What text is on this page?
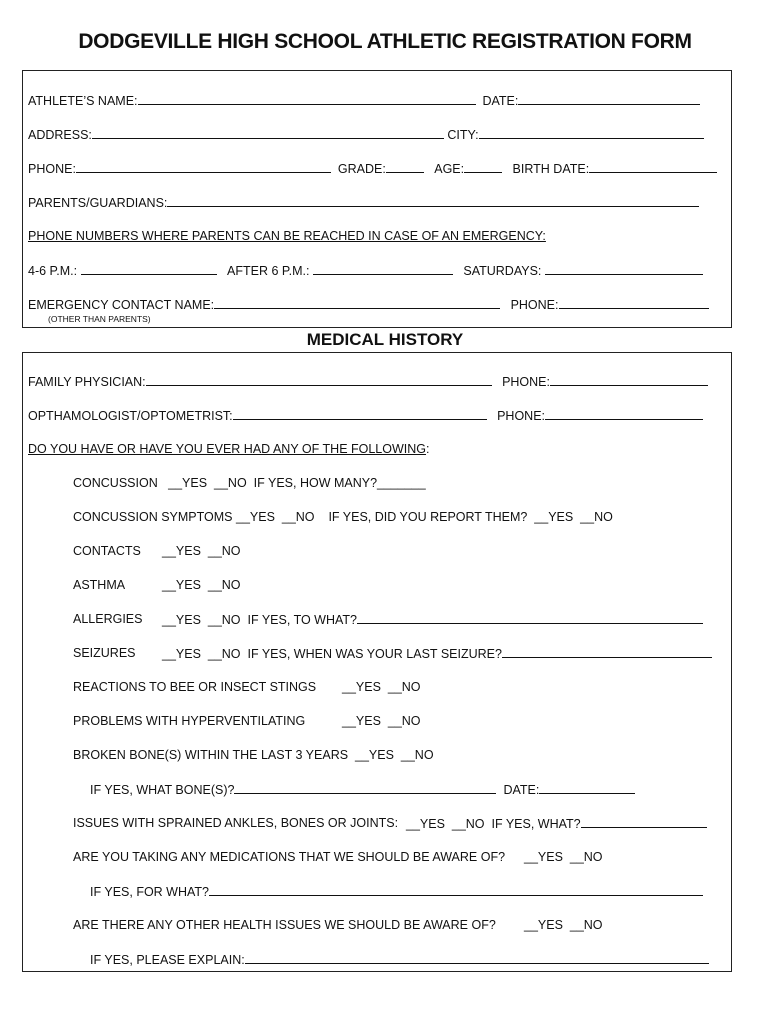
DODGEVILLE HIGH SCHOOL ATHLETIC REGISTRATION FORM
ATHLETE’S NAME:	DATE:
ADDRESS:	CITY:
PHONE:	GRADE:	AGE:	BIRTH DATE:
PARENTS/GUARDIANS:
PHONE NUMBERS WHERE PARENTS CAN BE REACHED IN CASE OF AN EMERGENCY:
4-6 P.M.:	AFTER 6 P.M.:	SATURDAYS:
EMERGENCY CONTACT NAME:	PHONE:
(OTHER THAN PARENTS)
MEDICAL HISTORY
FAMILY PHYSICIAN:	PHONE:
OPTHAMOLOGIST/OPTOMETRIST:	PHONE:
DO YOU HAVE OR HAVE YOU EVER HAD ANY OF THE FOLLOWING:
CONCUSSION __YES __NO IF YES, HOW MANY?_______
CONCUSSION SYMPTOMS __YES __NO IF YES, DID YOU REPORT THEM? __YES __NO
CONTACTS __YES __NO
ASTHMA	__YES __NO
ALLERGIES __YES __NO IF YES, TO WHAT?
SEIZURES __YES __NO IF YES, WHEN WAS YOUR LAST SEIZURE?
REACTIONS TO BEE OR INSECT STINGS __YES __NO
PROBLEMS WITH HYPERVENTILATING	__YES __NO
BROKEN BONE(S) WITHIN THE LAST 3 YEARS __YES __NO
IF YES, WHAT BONE(S)?	DATE:
ISSUES WITH SPRAINED ANKLES, BONES OR JOINTS: __YES __NO IF YES, WHAT?
ARE YOU TAKING ANY MEDICATIONS THAT WE SHOULD BE AWARE OF? __YES __NO
IF YES, FOR WHAT?
ARE THERE ANY OTHER HEALTH ISSUES WE SHOULD BE AWARE OF? __YES __NO
IF YES, PLEASE EXPLAIN:
